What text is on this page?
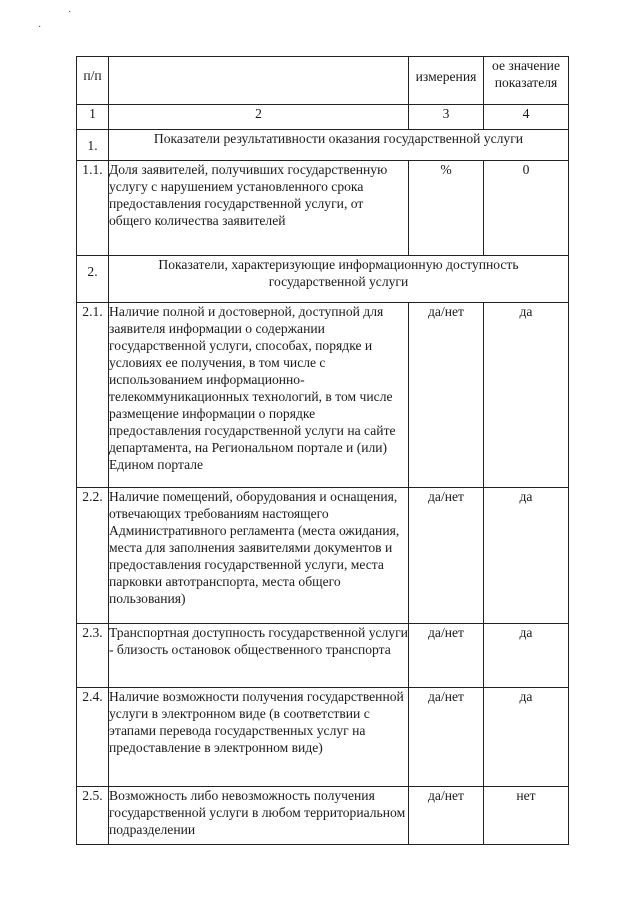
˙
·
п/п		измерения	ое значение показателя
1	2	3	4
1.	Показатели результативности оказания государственной услуги		
1.1.	Доля заявителей, получивших государственную услугу с нарушением установленного срока предоставления государственной услуги, от общего количества заявителей	%	0
2.	Показатели, характеризующие информационную доступность государственной услуги		
2.1.	Наличие полной и достоверной, доступной для заявителя информации о содержании государственной услуги, способах, порядке и условиях ее получения, в том числе с использованием информационно-телекоммуникационных технологий, в том числе размещение информации о порядке предоставления государственной услуги на сайте департамента, на Региональном портале и (или) Едином портале	да/нет	да
2.2.	Наличие помещений, оборудования и оснащения, отвечающих требованиям настоящего Административного регламента (места ожидания, места для заполнения заявителями документов и предоставления государственной услуги, места парковки автотранспорта, места общего пользования)	да/нет	да
2.3.	Транспортная доступность государственной услуги - близость остановок общественного транспорта	да/нет	да
2.4.	Наличие возможности получения государственной услуги в электронном виде (в соответствии с этапами перевода государственных услуг на предоставление в электронном виде)	да/нет	да
2.5.	Возможность либо невозможность получения государственной услуги в любом территориальном подразделении	да/нет	нет
